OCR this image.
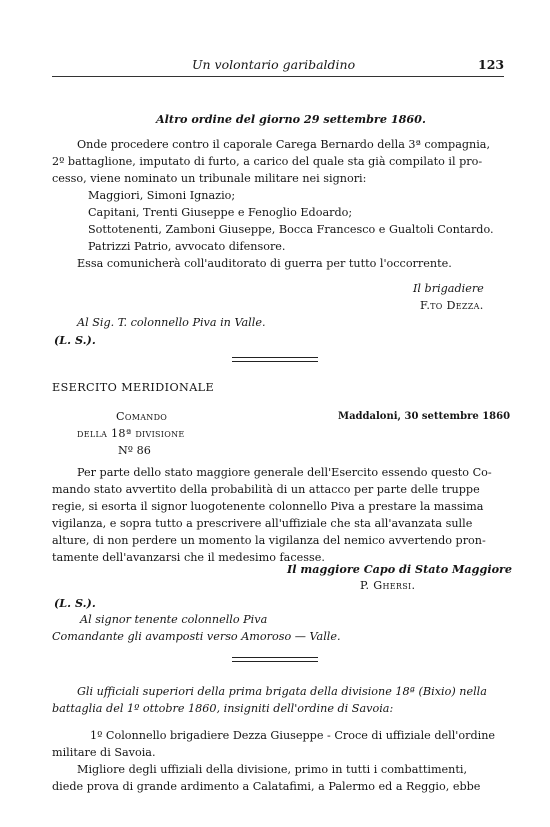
Un volontario garibaldino	123
Altro ordine del giorno 29 settembre 1860.
Onde procedere contro il caporale Carega Bernardo della 3ª compagnia,
2º battaglione, imputato di furto, a carico del quale sta già compilato il pro-
cesso, viene nominato un tribunale militare nei signori:
Maggiori, Simoni Ignazio;
Capitani, Trenti Giuseppe e Fenoglio Edoardo;
Sottotenenti, Zamboni Giuseppe, Bocca Francesco e Gualtoli Contardo.
Patrizzi Patrio, avvocato difensore.
Essa comunicherà coll'auditorato di guerra per tutto l'occorrente.
Il brigadiere
F.to Dezza.
Al Sig. T. colonnello Piva in Valle.
(L. S.).
ESERCITO MERIDIONALE
Comando
della 18ª divisione
Nº 86
Maddaloni, 30 settembre 1860
Per parte dello stato maggiore generale dell'Esercito essendo questo Co-
mando stato avvertito della probabilità di un attacco per parte delle truppe
regie, si esorta il signor luogotenente colonnello Piva a prestare la massima
vigilanza, e sopra tutto a prescrivere all'uffiziale che sta all'avanzata sulle
alture, di non perdere un momento la vigilanza del nemico avvertendo pron-
tamente dell'avanzarsi che il medesimo facesse.
Il maggiore Capo di Stato Maggiore
P. Ghersi.
(L. S.).
Al signor tenente colonnello Piva
Comandante gli avamposti verso Amoroso — Valle.
Gli ufficiali superiori della prima brigata della divisione 18ª (Bixio) nella
battaglia del 1º ottobre 1860, insigniti dell'ordine di Savoia:
1º Colonnello brigadiere Dezza Giuseppe - Croce di uffiziale dell'ordine
militare di Savoia.
Migliore degli uffiziali della divisione, primo in tutti i combattimenti,
diede prova di grande ardimento a Calatafimi, a Palermo ed a Reggio, ebbe
